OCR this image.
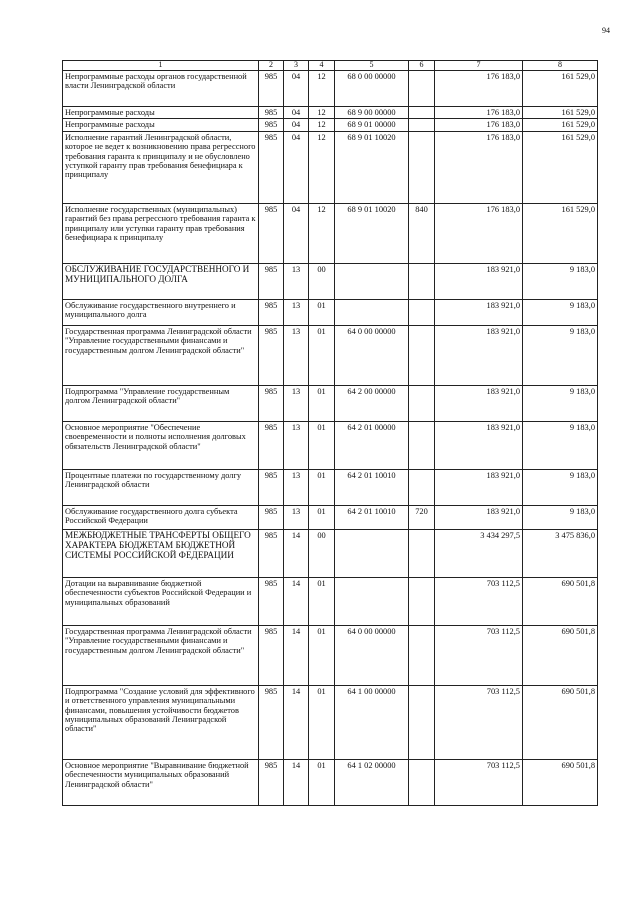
94
1	2	3	4	5	6	7	8
Непрограммные расходы органов государственной власти Ленинградской области	985	04	12	68 0 00 00000		176 183,0	161 529,0
Непрограммные расходы	985	04	12	68 9 00 00000		176 183,0	161 529,0
Непрограммные расходы	985	04	12	68 9 01 00000		176 183,0	161 529,0
Исполнение гарантий Ленинградской области, которое не ведет к возникновению права регрессного требования гаранта к принципалу и не обусловлено уступкой гаранту прав требования бенефициара к принципалу	985	04	12	68 9 01 10020		176 183,0	161 529,0
Исполнение государственных (муниципальных) гарантий без права регрессного требования гаранта к принципалу или уступки гаранту прав требования бенефициара к принципалу	985	04	12	68 9 01 10020	840	176 183,0	161 529,0
ОБСЛУЖИВАНИЕ ГОСУДАРСТВЕННОГО И МУНИЦИПАЛЬНОГО ДОЛГА	985	13	00			183 921,0	9 183,0
Обслуживание государственного внутреннего и муниципального долга	985	13	01			183 921,0	9 183,0
Государственная программа Ленинградской области "Управление государственными финансами и государственным долгом Ленинградской области"	985	13	01	64 0 00 00000		183 921,0	9 183,0
Подпрограмма "Управление государственным долгом Ленинградской области"	985	13	01	64 2 00 00000		183 921,0	9 183,0
Основное мероприятие "Обеспечение своевременности и полноты исполнения долговых обязательств Ленинградской области"	985	13	01	64 2 01 00000		183 921,0	9 183,0
Процентные платежи по государственному долгу Ленинградской области	985	13	01	64 2 01 10010		183 921,0	9 183,0
Обслуживание государственного долга субъекта Российской Федерации	985	13	01	64 2 01 10010	720	183 921,0	9 183,0
МЕЖБЮДЖЕТНЫЕ ТРАНСФЕРТЫ ОБЩЕГО ХАРАКТЕРА БЮДЖЕТАМ БЮДЖЕТНОЙ СИСТЕМЫ РОССИЙСКОЙ ФЕДЕРАЦИИ	985	14	00			3 434 297,5	3 475 836,0
Дотации на выравнивание бюджетной обеспеченности субъектов Российской Федерации и муниципальных образований	985	14	01			703 112,5	690 501,8
Государственная программа Ленинградской области "Управление государственными финансами и государственным долгом Ленинградской области"	985	14	01	64 0 00 00000		703 112,5	690 501,8
Подпрограмма "Создание условий для эффективного и ответственного управления муниципальными финансами, повышения устойчивости бюджетов муниципальных образований Ленинградской области"	985	14	01	64 1 00 00000		703 112,5	690 501,8
Основное мероприятие "Выравнивание бюджетной обеспеченности муниципальных образований Ленинградской области"	985	14	01	64 1 02 00000		703 112,5	690 501,8
